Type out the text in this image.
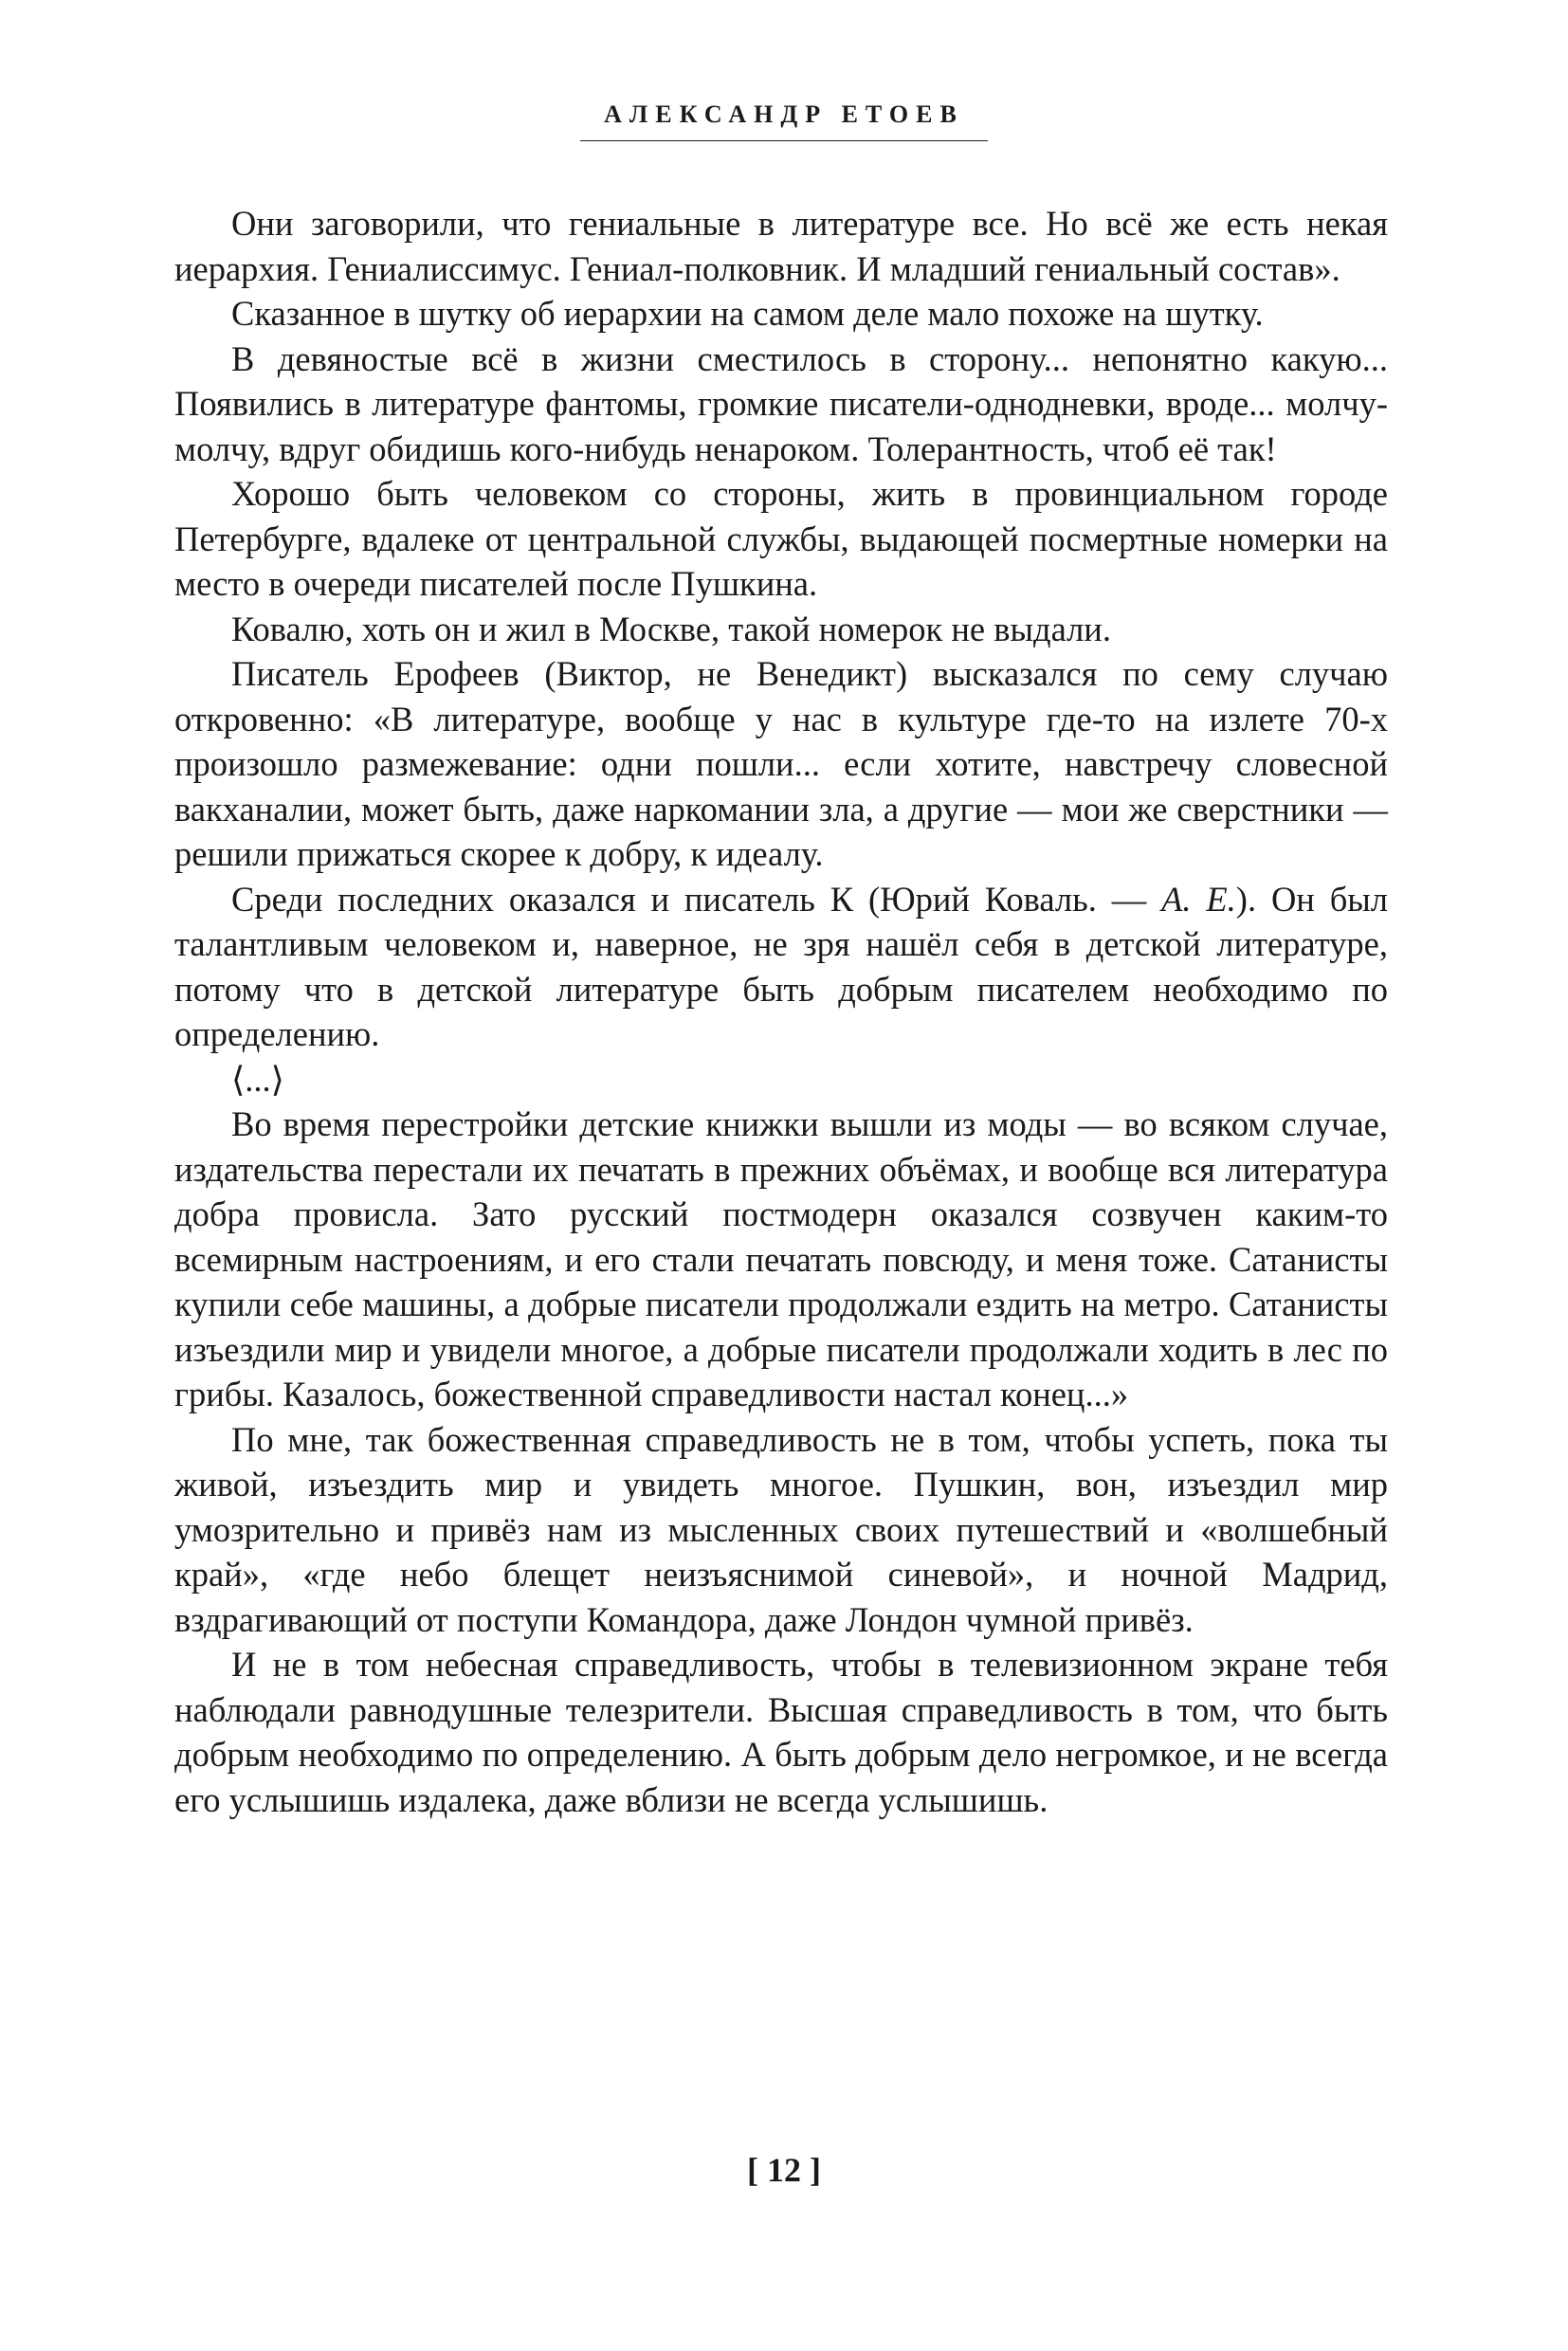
АЛЕКСАНДР ЕТОЕВ

Они заговорили, что гениальные в литературе все. Но всё же есть некая иерархия. Гениалиссимус. Гениал-полковник. И младший гениальный состав».

Сказанное в шутку об иерархии на самом деле мало похоже на шутку.

В девяностые всё в жизни сместилось в сторону... непонятно какую... Появились в литературе фантомы, громкие писатели-однодневки, вроде... молчу-молчу, вдруг обидишь кого-нибудь ненароком. Толерантность, чтоб её так!

Хорошо быть человеком со стороны, жить в провинциальном городе Петербурге, вдалеке от центральной службы, выдающей посмертные номерки на место в очереди писателей после Пушкина.

Ковалю, хоть он и жил в Москве, такой номерок не выдали.

Писатель Ерофеев (Виктор, не Венедикт) высказался по сему случаю откровенно: «В литературе, вообще у нас в культуре где-то на излете 70-х произошло размежевание: одни пошли... если хотите, навстречу словесной вакханалии, может быть, даже наркомании зла, а другие — мои же сверстники — решили прижаться скорее к добру, к идеалу.

Среди последних оказался и писатель К (Юрий Коваль. — А. Е.). Он был талантливым человеком и, наверное, не зря нашёл себя в детской литературе, потому что в детской литературе быть добрым писателем необходимо по определению.

⟨...⟩

Во время перестройки детские книжки вышли из моды — во всяком случае, издательства перестали их печатать в прежних объёмах, и вообще вся литература добра провисла. Зато русский постмодерн оказался созвучен каким-то всемирным настроениям, и его стали печатать повсюду, и меня тоже. Сатанисты купили себе машины, а добрые писатели продолжали ездить на метро. Сатанисты изъездили мир и увидели многое, а добрые писатели продолжали ходить в лес по грибы. Казалось, божественной справедливости настал конец...»

По мне, так божественная справедливость не в том, чтобы успеть, пока ты живой, изъездить мир и увидеть многое. Пушкин, вон, изъездил мир умозрительно и привёз нам из мысленных своих путешествий и «волшебный край», «где небо блещет неизъяснимой синевой», и ночной Мадрид, вздрагивающий от поступи Командора, даже Лондон чумной привёз.

И не в том небесная справедливость, чтобы в телевизионном экране тебя наблюдали равнодушные телезрители. Высшая справедливость в том, что быть добрым необходимо по определению. А быть добрым дело негромкое, и не всегда его услышишь издалека, даже вблизи не всегда услышишь.

[ 12 ]
